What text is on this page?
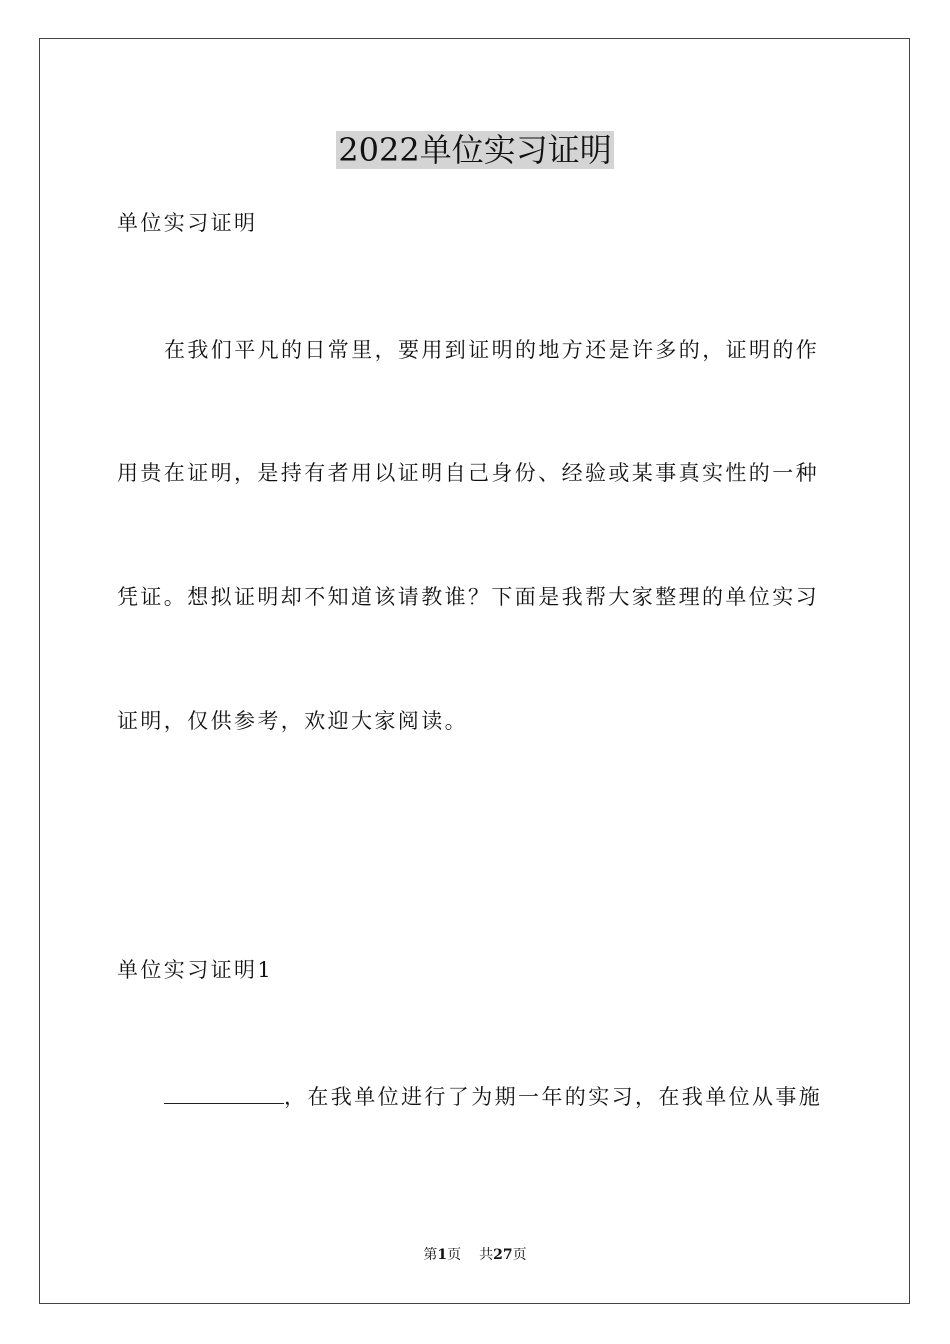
2022单位实习证明

单位实习证明

在我们平凡的日常里，要用到证明的地方还是许多的，证明的作

用贵在证明，是持有者用以证明自己身份、经验或某事真实性的一种

凭证。想拟证明却不知道该请教谁？下面是我帮大家整理的单位实习

证明，仅供参考，欢迎大家阅读。

单位实习证明1

，在我单位进行了为期一年的实习，在我单位从事施

第1页 共27页
